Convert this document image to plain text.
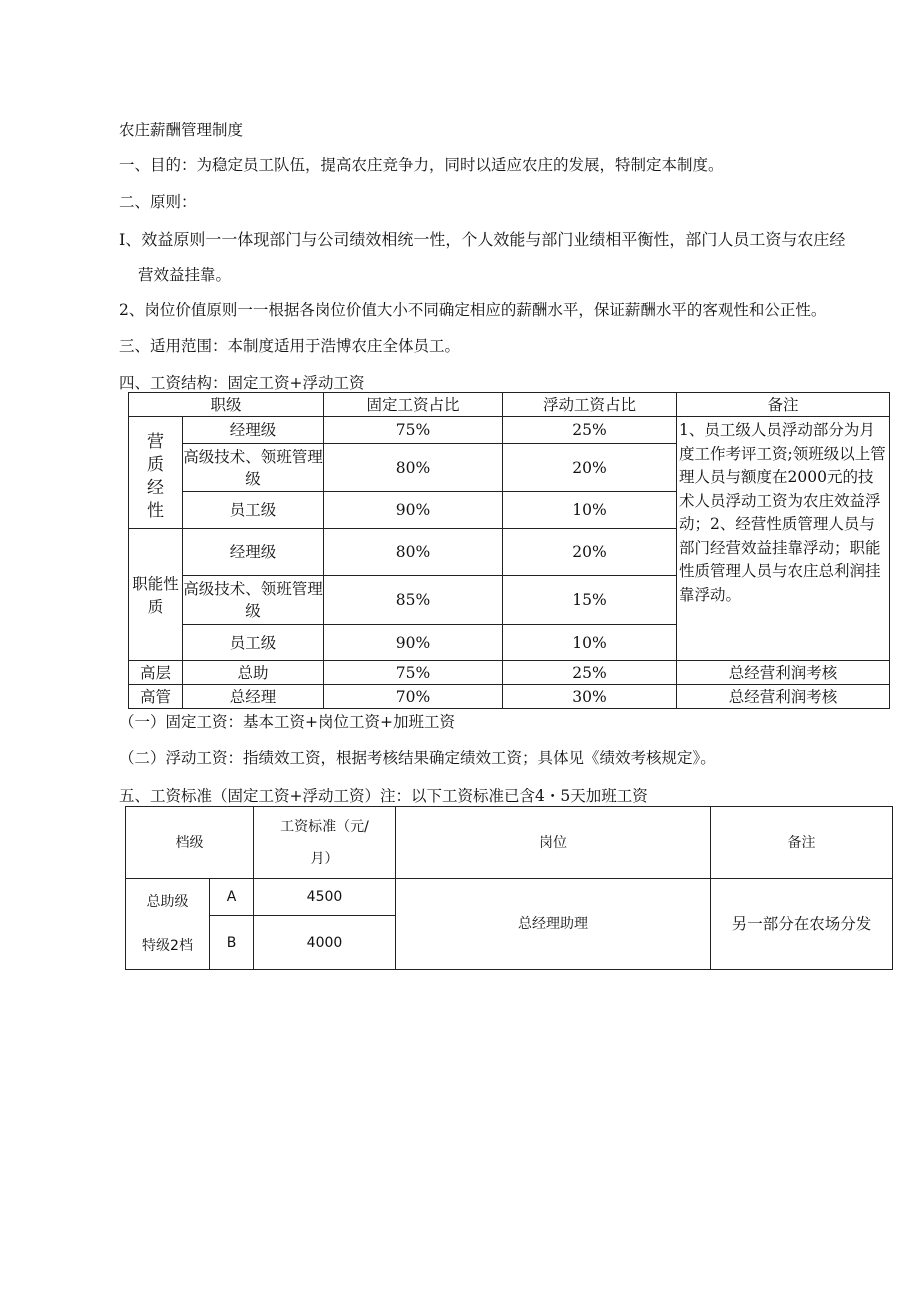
农庄薪酬管理制度
一、目的：为稳定员工队伍，提高农庄竞争力，同时以适应农庄的发展，特制定本制度。
二、原则：
I、效益原则一一体现部门与公司绩效相统一性，个人效能与部门业绩相平衡性，部门人员工资与农庄经
营效益挂靠。
2、岗位价值原则一一根据各岗位价值大小不同确定相应的薪酬水平，保证薪酬水平的客观性和公正性。
三、适用范围：本制度适用于浩博农庄全体员工。
四、工资结构：固定工资+浮动工资
职级		固定工资占比	浮动工资占比	备注

营质经性	经理级	75%	25%	1、员工级人员浮动部分为月度工作考评工资;领班级以上管理人员与额度在2000元的技术人员浮动工资为农庄效益浮动；2、经营性质管理人员与部门经营效益挂靠浮动；职能性质管理人员与农庄总利润挂靠浮动。
	高级技术、领班管理级	80%	20%	
	员工级	90%	10%	

职能性质	经理级	80%	20%	
	高级技术、领班管理级	85%	15%	
	员工级	90%	10%	
高层	总助	75%	25%	总经营利润考核
高管	总经理	70%	30%	总经营利润考核
（一）固定工资：基本工资+岗位工资+加班工资
（二）浮动工资：指绩效工资，根据考核结果确定绩效工资；具体见《绩效考核规定》。
五、工资标准（固定工资+浮动工资）注：以下工资标准已含4・5天加班工资
档级		工资标准（元/月）	岗位	备注

总助级
特级2档	A	4500	总经理助理	另一部分在农场分发
	B	4000		
